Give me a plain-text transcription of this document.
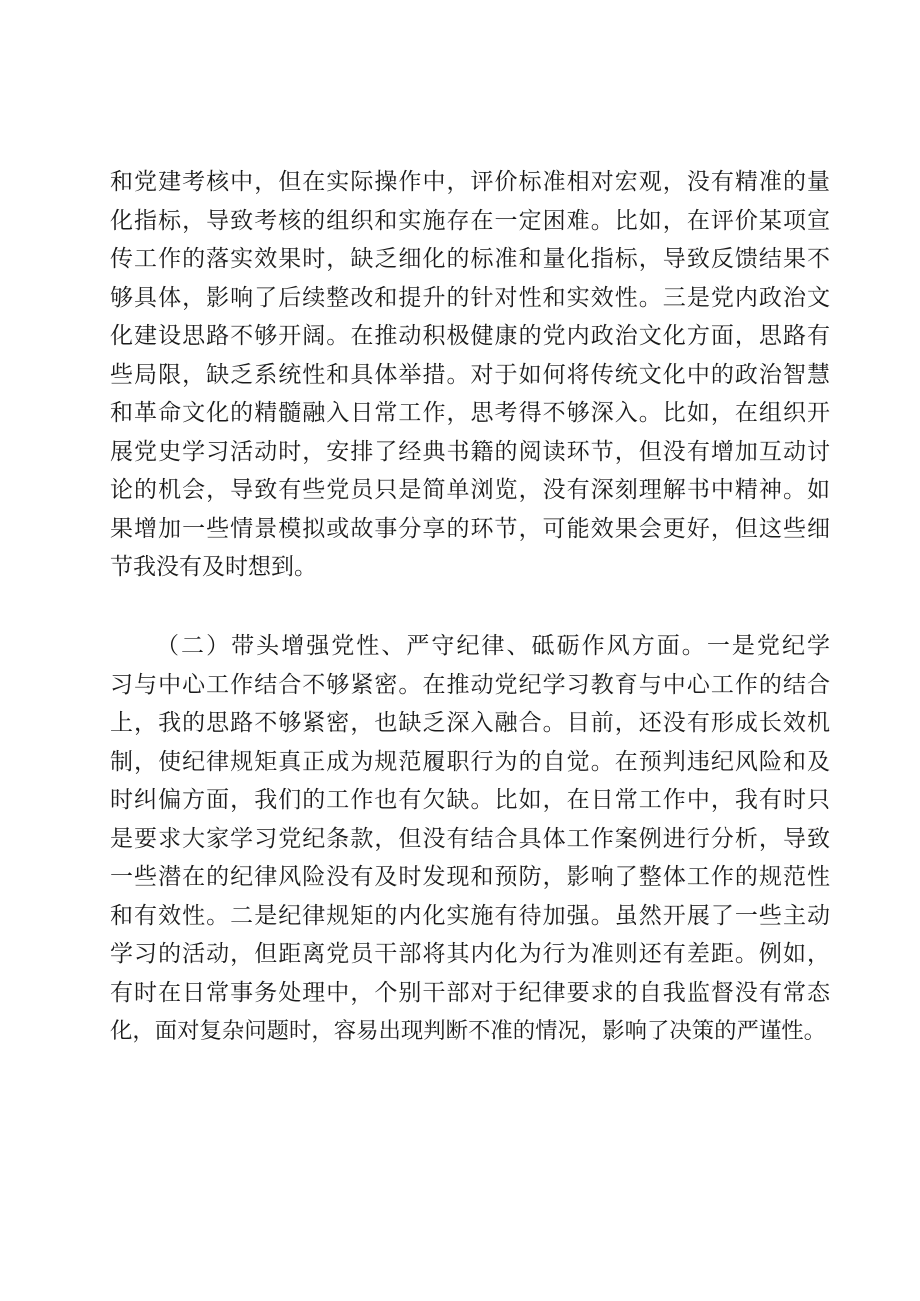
和党建考核中，但在实际操作中，评价标准相对宏观，没有精准的量
化指标，导致考核的组织和实施存在一定困难。比如，在评价某项宣
传工作的落实效果时，缺乏细化的标准和量化指标，导致反馈结果不
够具体，影响了后续整改和提升的针对性和实效性。三是党内政治文
化建设思路不够开阔。在推动积极健康的党内政治文化方面，思路有
些局限，缺乏系统性和具体举措。对于如何将传统文化中的政治智慧
和革命文化的精髓融入日常工作，思考得不够深入。比如，在组织开
展党史学习活动时，安排了经典书籍的阅读环节，但没有增加互动讨
论的机会，导致有些党员只是简单浏览，没有深刻理解书中精神。如
果增加一些情景模拟或故事分享的环节，可能效果会更好，但这些细
节我没有及时想到。
（二）带头增强党性、严守纪律、砥砺作风方面。一是党纪学
习与中心工作结合不够紧密。在推动党纪学习教育与中心工作的结合
上，我的思路不够紧密，也缺乏深入融合。目前，还没有形成长效机
制，使纪律规矩真正成为规范履职行为的自觉。在预判违纪风险和及
时纠偏方面，我们的工作也有欠缺。比如，在日常工作中，我有时只
是要求大家学习党纪条款，但没有结合具体工作案例进行分析，导致
一些潜在的纪律风险没有及时发现和预防，影响了整体工作的规范性
和有效性。二是纪律规矩的内化实施有待加强。虽然开展了一些主动
学习的活动，但距离党员干部将其内化为行为准则还有差距。例如，
有时在日常事务处理中，个别干部对于纪律要求的自我监督没有常态
化，面对复杂问题时，容易出现判断不准的情况，影响了决策的严谨性。
